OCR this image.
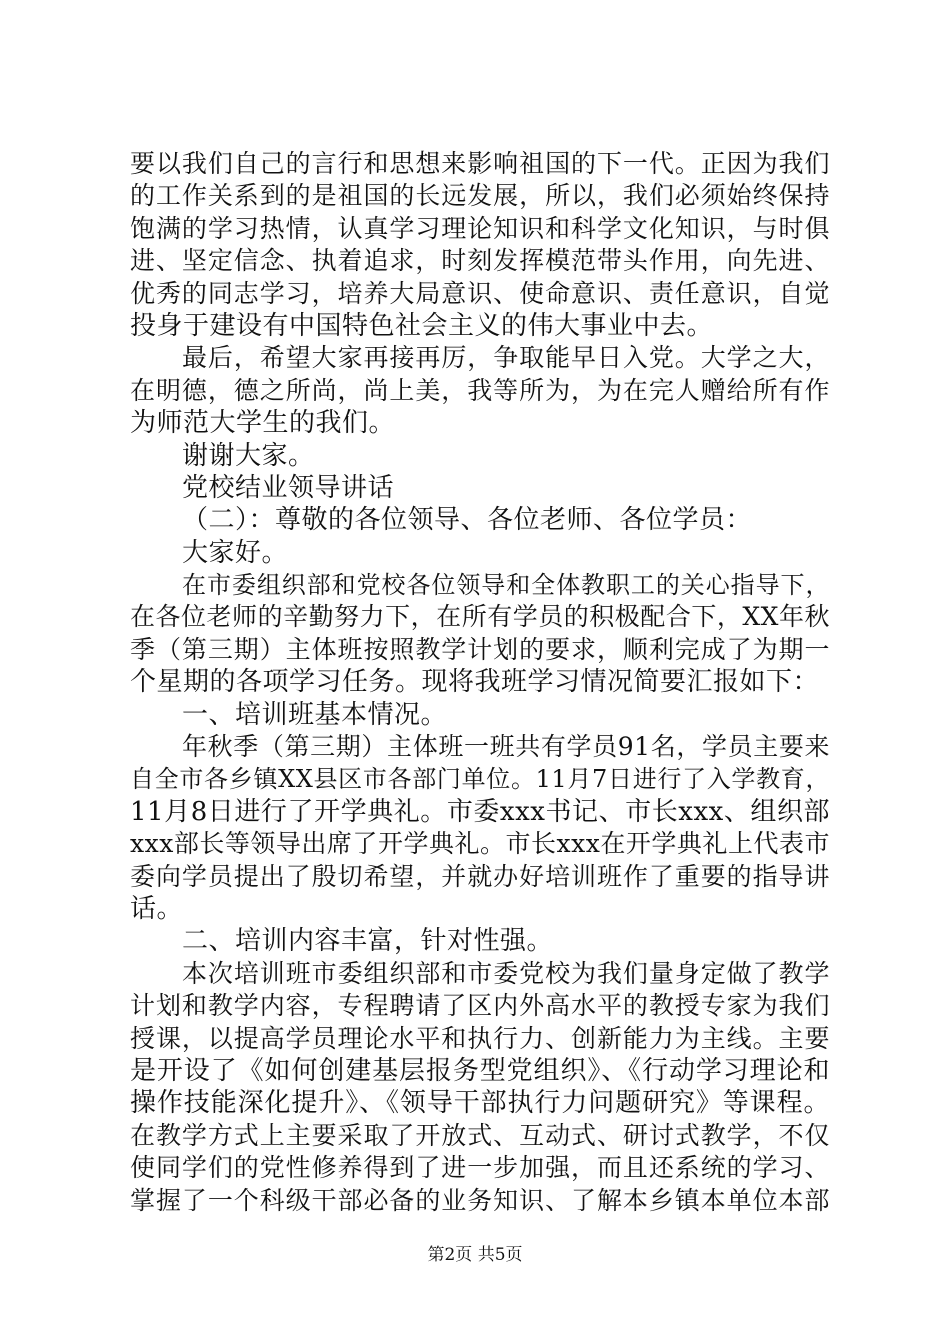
要以我们自己的言行和思想来影响祖国的下一代。正因为我们
的工作关系到的是祖国的长远发展，所以，我们必须始终保持
饱满的学习热情，认真学习理论知识和科学文化知识，与时俱
进、坚定信念、执着追求，时刻发挥模范带头作用，向先进、
优秀的同志学习，培养大局意识、使命意识、责任意识，自觉
投身于建设有中国特色社会主义的伟大事业中去。
最后，希望大家再接再厉，争取能早日入党。大学之大，
在明德，德之所尚，尚上美，我等所为，为在完人赠给所有作
为师范大学生的我们。
谢谢大家。
党校结业领导讲话
（二）：尊敬的各位领导、各位老师、各位学员：
大家好。
在市委组织部和党校各位领导和全体教职工的关心指导下，
在各位老师的辛勤努力下，在所有学员的积极配合下，XX年秋
季（第三期）主体班按照教学计划的要求，顺利完成了为期一
个星期的各项学习任务。现将我班学习情况简要汇报如下：
一、培训班基本情况。
年秋季（第三期）主体班一班共有学员91名，学员主要来
自全市各乡镇XX县区市各部门单位。11月7日进行了入学教育，
11月8日进行了开学典礼。市委xxx书记、市长xxx、组织部
xxx部长等领导出席了开学典礼。市长xxx在开学典礼上代表市
委向学员提出了殷切希望，并就办好培训班作了重要的指导讲
话。
二、培训内容丰富，针对性强。
本次培训班市委组织部和市委党校为我们量身定做了教学
计划和教学内容，专程聘请了区内外高水平的教授专家为我们
授课，以提高学员理论水平和执行力、创新能力为主线。主要
是开设了《如何创建基层报务型党组织》、《行动学习理论和
操作技能深化提升》、《领导干部执行力问题研究》等课程。
在教学方式上主要采取了开放式、互动式、研讨式教学，不仅
使同学们的党性修养得到了进一步加强，而且还系统的学习、
掌握了一个科级干部必备的业务知识、了解本乡镇本单位本部
第2页 共5页
